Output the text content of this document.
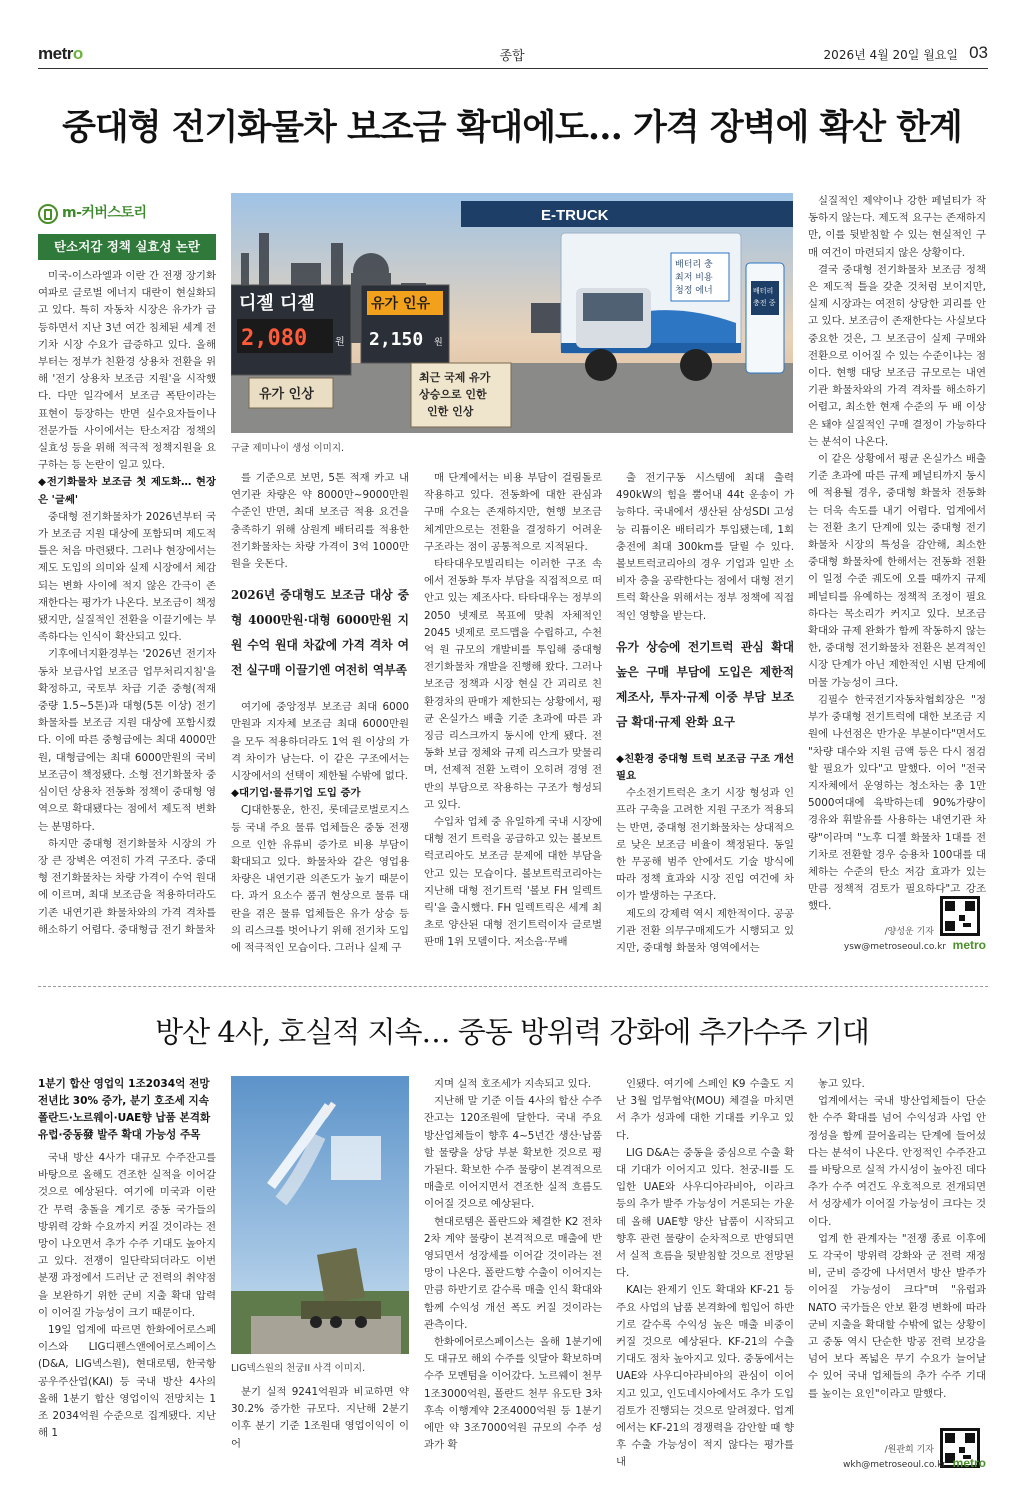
metro	종합	2026년 4월 20일 월요일 03
중대형 전기화물차 보조금 확대에도… 가격 장벽에 확산 한계
m-커버스토리
탄소저감 정책 실효성 논란

미국-이스라엘과 이란 간 전쟁 장기화 여파로 글로벌 에너지 대란이 현실화되고 있다. 특히 자동차 시장은 유가가 급등하면서 지난 3년 여간 침체된 세계 전기차 시장 수요가 급증하고 있다. 올해 부터는 정부가 친환경 상용차 전환을 위해 '전기 상용차 보조금 지원'을 시작했다. 다만 일각에서 보조금 폭탄이라는 표현이 등장하는 반면 실수요자들이나 전문가들 사이에서는 탄소저감 정책의 실효성 등을 위해 적극적 정책지원을 요구하는 등 논란이 일고 있다.

◆전기화물차 보조금 첫 제도화… 현장은 '글쎄'

중대형 전기화물차가 2026년부터 국가 보조금 지원 대상에 포함되며 제도적 틀은 처음 마련됐다. 그러나 현장에서는 제도 도입의 의미와 실제 시장에서 체감되는 변화 사이에 적지 않은 간극이 존재한다는 평가가 나온다. 보조금이 책정됐지만, 실질적인 전환을 이끌기에는 부족하다는 인식이 확산되고 있다.

기후에너지환경부는 '2026년 전기자동차 보급사업 보조금 업무처리지침'을 확정하고, 국토부 차급 기준 중형(적재중량 1.5~5톤)과 대형(5톤 이상) 전기화물차를 보조금 지원 대상에 포함시켰다. 이에 따른 중형급에는 최대 4000만원, 대형급에는 최대 6000만원의 국비 보조금이 책정됐다. 소형 전기화물차 중심이던 상용차 전동화 정책이 중대형 영역으로 확대됐다는 점에서 제도적 변화는 분명하다.

하지만 중대형 전기화물차 시장의 가장 큰 장벽은 여전히 가격 구조다. 중대형 전기화물차는 차량 가격이 수억 원대에 이르며, 최대 보조금을 적용하더라도 기존 내연기관 화물차와의 가격 격차를 해소하기 어렵다. 중대형급 전기 화물차

E-TRUCK
배터리 충
최저 비용
청정 에너	배터리
충전 중
디젤 디젤
2,080	원
유가 인유
2,150 원
유가 인상
최근 국제 유가
상승으로 인한
인한 인상
구글 제미나이 생성 이미지.

를 기준으로 보면, 5톤 적재 카고 내연기관 차량은 약 8000만~9000만원 수준인 반면, 최대 보조금 적용 요건을 충족하기 위해 삼원계 배터리를 적용한 전기화물차는 차량 가격이 3억 1000만 원을 웃돈다.

2026년 중대형도 보조금 대상 중형 4000만원·대형 6000만원 지원 수억 원대 차값에 가격 격차 여전 실구매 이끌기엔 여전히 역부족

여기에 중앙정부 보조금 최대 6000만원과 지자체 보조금 최대 6000만원을 모두 적용하더라도 1억 원 이상의 가격 차이가 남는다. 이 같은 구조에서는 시장에서의 선택이 제한될 수밖에 없다.

◆대기업·물류기업 도입 증가

CJ대한통운, 한진, 롯데글로벌로지스 등 국내 주요 물류 업체들은 중동 전쟁으로 인한 유류비 증가로 비용 부담이 확대되고 있다. 화물차와 같은 영업용 차량은 내연기관 의존도가 높기 때문이다. 과거 요소수 품귀 현상으로 물류 대란을 겪은 물류 업체들은 유가 상승 등의 리스크를 벗어나기 위해 전기차 도입에 적극적인 모습이다. 그러나 실제 구

매 단계에서는 비용 부담이 걸림돌로 작용하고 있다. 전동화에 대한 관심과 구매 수요는 존재하지만, 현행 보조금 체계만으로는 전환을 결정하기 어려운 구조라는 점이 공통적으로 지적된다.

타타대우모빌리티는 이러한 구조 속에서 전동화 투자 부담을 직접적으로 떠안고 있는 제조사다. 타타대우는 정부의 2050 넷제로 목표에 맞춰 자체적인 2045 넷제로 로드맵을 수립하고, 수천억 원 규모의 개발비를 투입해 중대형 전기화물차 개발을 진행해 왔다. 그러나 보조금 정책과 시장 현실 간 괴리로 친환경차의 판매가 제한되는 상황에서, 평균 온실가스 배출 기준 초과에 따른 과징금 리스크까지 동시에 안게 됐다. 전동화 보급 정체와 규제 리스크가 맞물리며, 선제적 전환 노력이 오히려 경영 전반의 부담으로 작용하는 구조가 형성되고 있다.

수입차 업체 중 유일하게 국내 시장에 대형 전기 트럭을 공급하고 있는 볼보트럭코리아도 보조금 문제에 대한 부담을 안고 있는 모습이다. 볼보트럭코리아는 지난해 대형 전기트럭 '볼보 FH 일렉트릭'을 출시했다. FH 일렉트릭은 세계 최초로 양산된 대형 전기트럭이자 글로벌 판매 1위 모델이다. 저소음·무배

출 전기구동 시스템에 최대 출력 490kW의 힘을 뿜어내 44t 운송이 가능하다. 국내에서 생산된 삼성SDI 고성능 리튬이온 배터리가 투입됐는데, 1회 충전에 최대 300km를 달릴 수 있다. 볼보트럭코리아의 경우 기업과 일반 소비자 층을 공략한다는 점에서 대형 전기트럭 확산을 위해서는 정부 정책에 직접적인 영향을 받는다.

유가 상승에 전기트럭 관심 확대 높은 구매 부담에 도입은 제한적 제조사, 투자·규제 이중 부담 보조금 확대·규제 완화 요구

◆친환경 중대형 트럭 보조금 구조 개선 필요

수소전기트럭은 초기 시장 형성과 인프라 구축을 고려한 지원 구조가 적용되는 반면, 중대형 전기화물차는 상대적으로 낮은 보조금 비율이 책정된다. 동일한 무공해 범주 안에서도 기술 방식에 따라 정책 효과와 시장 진입 여건에 차이가 발생하는 구조다.

제도의 강제력 역시 제한적이다. 공공기관 전환 의무구매제도가 시행되고 있지만, 중대형 화물차 영역에서는

실질적인 제약이나 강한 페널티가 작동하지 않는다. 제도적 요구는 존재하지만, 이를 뒷받침할 수 있는 현실적인 구매 여건이 마련되지 않은 상황이다.

결국 중대형 전기화물차 보조금 정책은 제도적 틀을 갖춘 것처럼 보이지만, 실제 시장과는 여전히 상당한 괴리를 안고 있다. 보조금이 존재한다는 사실보다 중요한 것은, 그 보조금이 실제 구매와 전환으로 이어질 수 있는 수준이냐는 점이다. 현행 대당 보조금 규모로는 내연기관 화물차와의 가격 격차를 해소하기 어렵고, 최소한 현재 수준의 두 배 이상은 돼야 실질적인 구매 결정이 가능하다는 분석이 나온다.

이 같은 상황에서 평균 온실가스 배출 기준 초과에 따른 규제 페널티까지 동시에 적용될 경우, 중대형 화물차 전동화는 더욱 속도를 내기 어렵다. 업계에서는 전환 초기 단계에 있는 중대형 전기화물차 시장의 특성을 감안해, 최소한 중대형 화물차에 한해서는 전동화 전환이 일정 수준 궤도에 오를 때까지 규제 페널티를 유예하는 정책적 조정이 필요하다는 목소리가 커지고 있다. 보조금 확대와 규제 완화가 함께 작동하지 않는 한, 중대형 전기화물차 전환은 본격적인 시장 단계가 아닌 제한적인 시범 단계에 머물 가능성이 크다.

김필수 한국전기자동차협회장은 "정부가 중대형 전기트럭에 대한 보조금 지원에 나선점은 반가운 부분이다"면서도 "차량 대수와 지원 금액 등은 다시 점검할 필요가 있다"고 말했다. 이어 "전국 지자체에서 운영하는 청소차는 총 1만 5000여대에 육박하는데 90%가량이 경유와 휘발유를 사용하는 내연기관 차량"이라며 "노후 디젤 화물차 1대를 전기차로 전환할 경우 승용차 100대를 대체하는 수준의 탄소 저감 효과가 있는 만큼 정책적 검토가 필요하다"고 강조했다.

/양성운 기자
ysw@metroseoul.co.kr metro
방산 4사, 호실적 지속… 중동 방위력 강화에 추가수주 기대
1분기 합산 영업익 1조2034억 전망
전년比 30% 증가, 분기 호조세 지속
폴란드·노르웨이·UAE향 납품 본격화
유럽·중동發 발주 확대 가능성 주목

국내 방산 4사가 대규모 수주잔고를 바탕으로 올해도 견조한 실적을 이어갈 것으로 예상된다. 여기에 미국과 이란 간 무력 충돌을 계기로 중동 국가들의 방위력 강화 수요까지 커질 것이라는 전망이 나오면서 추가 수주 기대도 높아지고 있다. 전쟁이 일단락되더라도 이번 분쟁 과정에서 드러난 군 전력의 취약점을 보완하기 위한 군비 지출 확대 압력이 이어질 가능성이 크기 때문이다.

19일 업계에 따르면 한화에어로스페이스와 LIG디펜스앤에어로스페이스(D&A, LIG넥스원), 현대로템, 한국항공우주산업(KAI) 등 국내 방산 4사의 올해 1분기 합산 영업이익 전망치는 1조 2034억원 수준으로 집계됐다. 지난해 1

LIG넥스원의 천궁II 사격 이미지.

분기 실적 9241억원과 비교하면 약 30.2% 증가한 규모다. 지난해 2분기 이후 분기 기준 1조원대 영업이익이 이어

지며 실적 호조세가 지속되고 있다.

지난해 말 기준 이들 4사의 합산 수주잔고는 120조원에 달한다. 국내 주요 방산업체들이 향후 4~5년간 생산·납품할 물량을 상당 부분 확보한 것으로 평가된다. 확보한 수주 물량이 본격적으로 매출로 이어지면서 견조한 실적 흐름도 이어질 것으로 예상된다.

현대로템은 폴란드와 체결한 K2 전차 2차 계약 물량이 본격적으로 매출에 반영되면서 성장세를 이어갈 것이라는 전망이 나온다. 폴란드향 수출이 이어지는 만큼 하반기로 갈수록 매출 인식 확대와 함께 수익성 개선 폭도 커질 것이라는 관측이다.

한화에어로스페이스는 올해 1분기에도 대규모 해외 수주를 잇달아 확보하며 수주 모멘텀을 이어갔다. 노르웨이 천무 1조3000억원, 폴란드 천무 유도탄 3차 후속 이행계약 2조4000억원 등 1분기에만 약 3조7000억원 규모의 수주 성과가 확

인됐다. 여기에 스페인 K9 수출도 지난 3월 업무협약(MOU) 체결을 마치면서 추가 성과에 대한 기대를 키우고 있다.

LIG D&A는 중동을 중심으로 수출 확대 기대가 이어지고 있다. 천궁-II를 도입한 UAE와 사우디아라비아, 이라크 등의 추가 발주 가능성이 거론되는 가운데 올해 UAE향 양산 납품이 시작되고 향후 관련 물량이 순차적으로 반영되면서 실적 흐름을 뒷받침할 것으로 전망된다.

KAI는 완제기 인도 확대와 KF-21 등 주요 사업의 납품 본격화에 힘입어 하반기로 갈수록 수익성 높은 매출 비중이 커질 것으로 예상된다. KF-21의 수출 기대도 점차 높아지고 있다. 중동에서는 UAE와 사우디아라비아의 관심이 이어지고 있고, 인도네시아에서도 추가 도입 검토가 진행되는 것으로 알려졌다. 업계에서는 KF-21의 경쟁력을 감안할 때 향후 수출 가능성이 적지 않다는 평가를 내

놓고 있다.

업계에서는 국내 방산업체들이 단순한 수주 확대를 넘어 수익성과 사업 안정성을 함께 끌어올리는 단계에 들어섰다는 분석이 나온다. 안정적인 수주잔고를 바탕으로 실적 가시성이 높아진 데다 추가 수주 여건도 우호적으로 전개되면서 성장세가 이어질 가능성이 크다는 것이다.

업계 한 관계자는 "전쟁 종료 이후에도 각국이 방위력 강화와 군 전력 재정비, 군비 증강에 나서면서 방산 발주가 이어질 가능성이 크다"며 "유럽과 NATO 국가들은 안보 환경 변화에 따라 군비 지출을 확대할 수밖에 없는 상황이고 중동 역시 단순한 방공 전력 보강을 넘어 보다 폭넓은 무기 수요가 늘어날 수 있어 국내 업체들의 추가 수주 기대를 높이는 요인"이라고 말했다.

/원관희 기자
wkh@metroseoul.co.kr metro
